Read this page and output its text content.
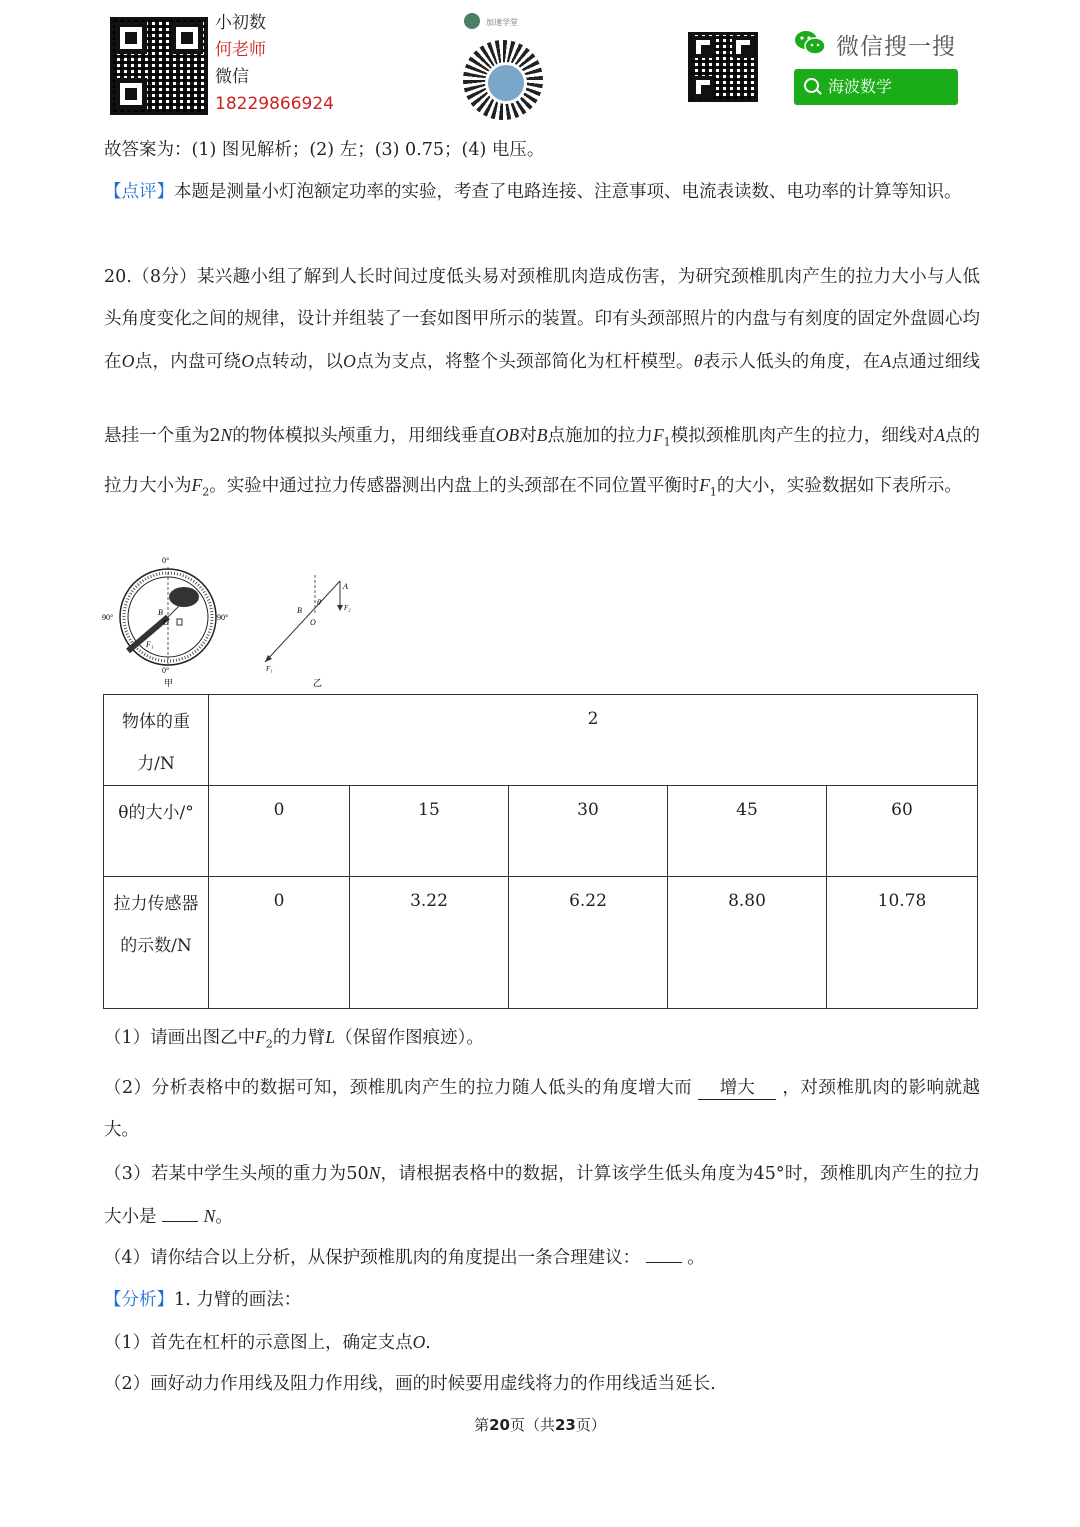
小初数
何老师
微信
18229866924
加速学堂
微信搜一搜
海波数学
故答案为：(1) 图见解析；(2) 左；(3) 0.75；(4) 电压。
【点评】本题是测量小灯泡额定功率的实验，考查了电路连接、注意事项、电流表读数、电功率的计算等知识。
20.（8分）某兴趣小组了解到人长时间过度低头易对颈椎肌肉造成伤害，为研究颈椎肌肉产生的拉力大小与人低头角度变化之间的规律，设计并组装了一套如图甲所示的装置。印有头颈部照片的内盘与有刻度的固定外盘圆心均在O点，内盘可绕O点转动，以O点为支点，将整个头颈部简化为杠杆模型。θ表示人低头的角度，在A点通过细线悬挂一个重为2N的物体模拟头颅重力，用细线垂直OB对B点施加的拉力$F_1$模拟颈椎肌肉产生的拉力，细线对A点的拉力大小为$F_2$。实验中通过拉力传感器测出内盘上的头颈部在不同位置平衡时$F_1$的大小，实验数据如下表所示。
0°
0°
90°	90°
B
O
F₁
甲
A
F₂
B
O
θ
F₁
乙
物体的重力/N	2				
θ的大小/°	0	15	30	45	60
拉力传感器的示数/N	0	3.22	6.22	8.80	10.78
（1）请画出图乙中$F_2$的力臂L（保留作图痕迹）。
（2）分析表格中的数据可知，颈椎肌肉产生的拉力随人低头的角度增大而 增大 ，对颈椎肌肉的影响就越大。
（3）若某中学生头颅的重力为50N，请根据表格中的数据，计算该学生低头角度为45°时，颈椎肌肉产生的拉力大小是	N。
（4）请你结合以上分析，从保护颈椎肌肉的角度提出一条合理建议：	。
【分析】1. 力臂的画法：
（1）首先在杠杆的示意图上，确定支点O.
（2）画好动力作用线及阻力作用线，画的时候要用虚线将力的作用线适当延长.
第20页（共23页）
